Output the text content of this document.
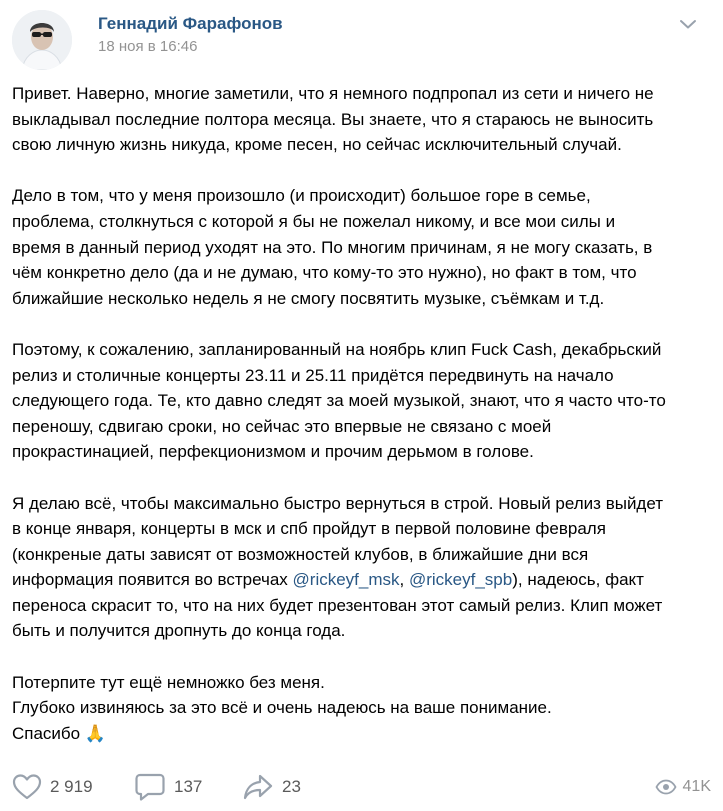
Геннадий Фарафонов
18 ноя в 16:46

Привет. Наверно, многие заметили, что я немного подпропал из сети и ничего не
выкладывал последние полтора месяца. Вы знаете, что я стараюсь не выносить
свою личную жизнь никуда, кроме песен, но сейчас исключительный случай.

Дело в том, что у меня произошло (и происходит) большое горе в семье,
проблема, столкнуться с которой я бы не пожелал никому, и все мои силы и
время в данный период уходят на это. По многим причинам, я не могу сказать, в
чём конкретно дело (да и не думаю, что кому-то это нужно), но факт в том, что
ближайшие несколько недель я не смогу посвятить музыке, съёмкам и т.д.

Поэтому, к сожалению, запланированный на ноябрь клип Fuck Cash, декабрьский
релиз и столичные концерты 23.11 и 25.11 придётся передвинуть на начало
следующего года. Те, кто давно следят за моей музыкой, знают, что я часто что-то
переношу, сдвигаю сроки, но сейчас это впервые не связано с моей
прокрастинацией, перфекционизмом и прочим дерьмом в голове.

Я делаю всё, чтобы максимально быстро вернуться в строй. Новый релиз выйдет
в конце января, концерты в мск и спб пройдут в первой половине февраля
(конкреные даты зависят от возможностей клубов, в ближайшие дни вся
информация появится во встречах @rickeyf_msk, @rickeyf_spb), надеюсь, факт
переноса скрасит то, что на них будет презентован этот самый релиз. Клип может
быть и получится дропнуть до конца года.

Потерпите тут ещё немножко без меня.
Глубоко извиняюсь за это всё и очень надеюсь на ваше понимание.
Спасибо 🙏

2 919	137	23	41K
